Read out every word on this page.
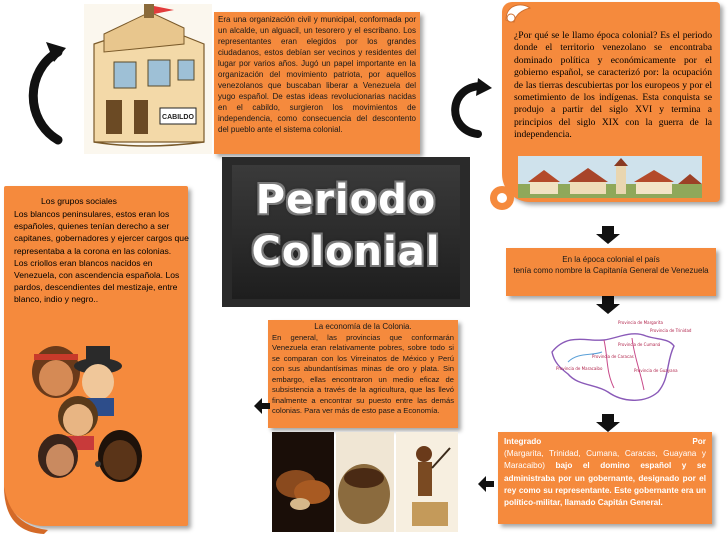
CABILDO
Era una organización civil y municipal, conformada por un alcalde, un alguacil, un tesorero y el escribano. Los representantes eran elegidos por los grandes ciudadanos, estos debían ser vecinos y residentes del lugar por varios años. Jugó un papel importante en la organización del movimiento patriota, por aquellos venezolanos que buscaban liberar a Venezuela del yugo español. De estas ideas revolucionarias nacidas en el cabildo, surgieron los movimientos de independencia, como consecuencia del descontento del pueblo ante el sistema colonial.
¿Por qué se le llamo época colonial? Es el periodo donde el territorio venezolano se encontraba dominado política y económicamente por el gobierno español, se caracterizó por: la ocupación de las tierras descubiertas por los europeos y por el sometimiento de los indígenas. Esta conquista se produjo a partir del siglo XVI y termina a principios del siglo XIX con la guerra de la independencia.
Los grupos sociales
Los blancos peninsulares, estos eran los españoles, quienes tenían derecho a ser capitanes, gobernadores y ejercer cargos que representaba a la corona en las colonias.
Los criollos eran blancos nacidos en Venezuela, con ascendencia española. Los pardos, descendientes del mestizaje, entre blanco, indio y negro..
Periodo
Colonial
La economía de la Colonia.
En general, las provincias que conformarán Venezuela eran relativamente pobres, sobre todo si se comparan con los Virreinatos de México y Perú con sus abundantísimas minas de oro y plata. Sin embargo, ellas encontraron un medio eficaz de subsistencia a través de la agricultura, que las llevó finalmente a encontrar su puesto entre las demás colonias. Para ver más de esto pase a Economía.
En la época colonial el país
tenía como nombre la Capitanía General de Venezuela
Provincia de Margarita
Provincia de Trinidad
Provincia de Cumaná
Provincia de Caracas
Provincia de Guayana
Provincia de Maracaibo
Integrado	Por
(Margarita, Trinidad, Cumana, Caracas, Guayana y Maracaibo) bajo el domino español y se administraba por un gobernante, designado por el rey como su representante. Este gobernante era un político-militar, llamado Capitán General.
